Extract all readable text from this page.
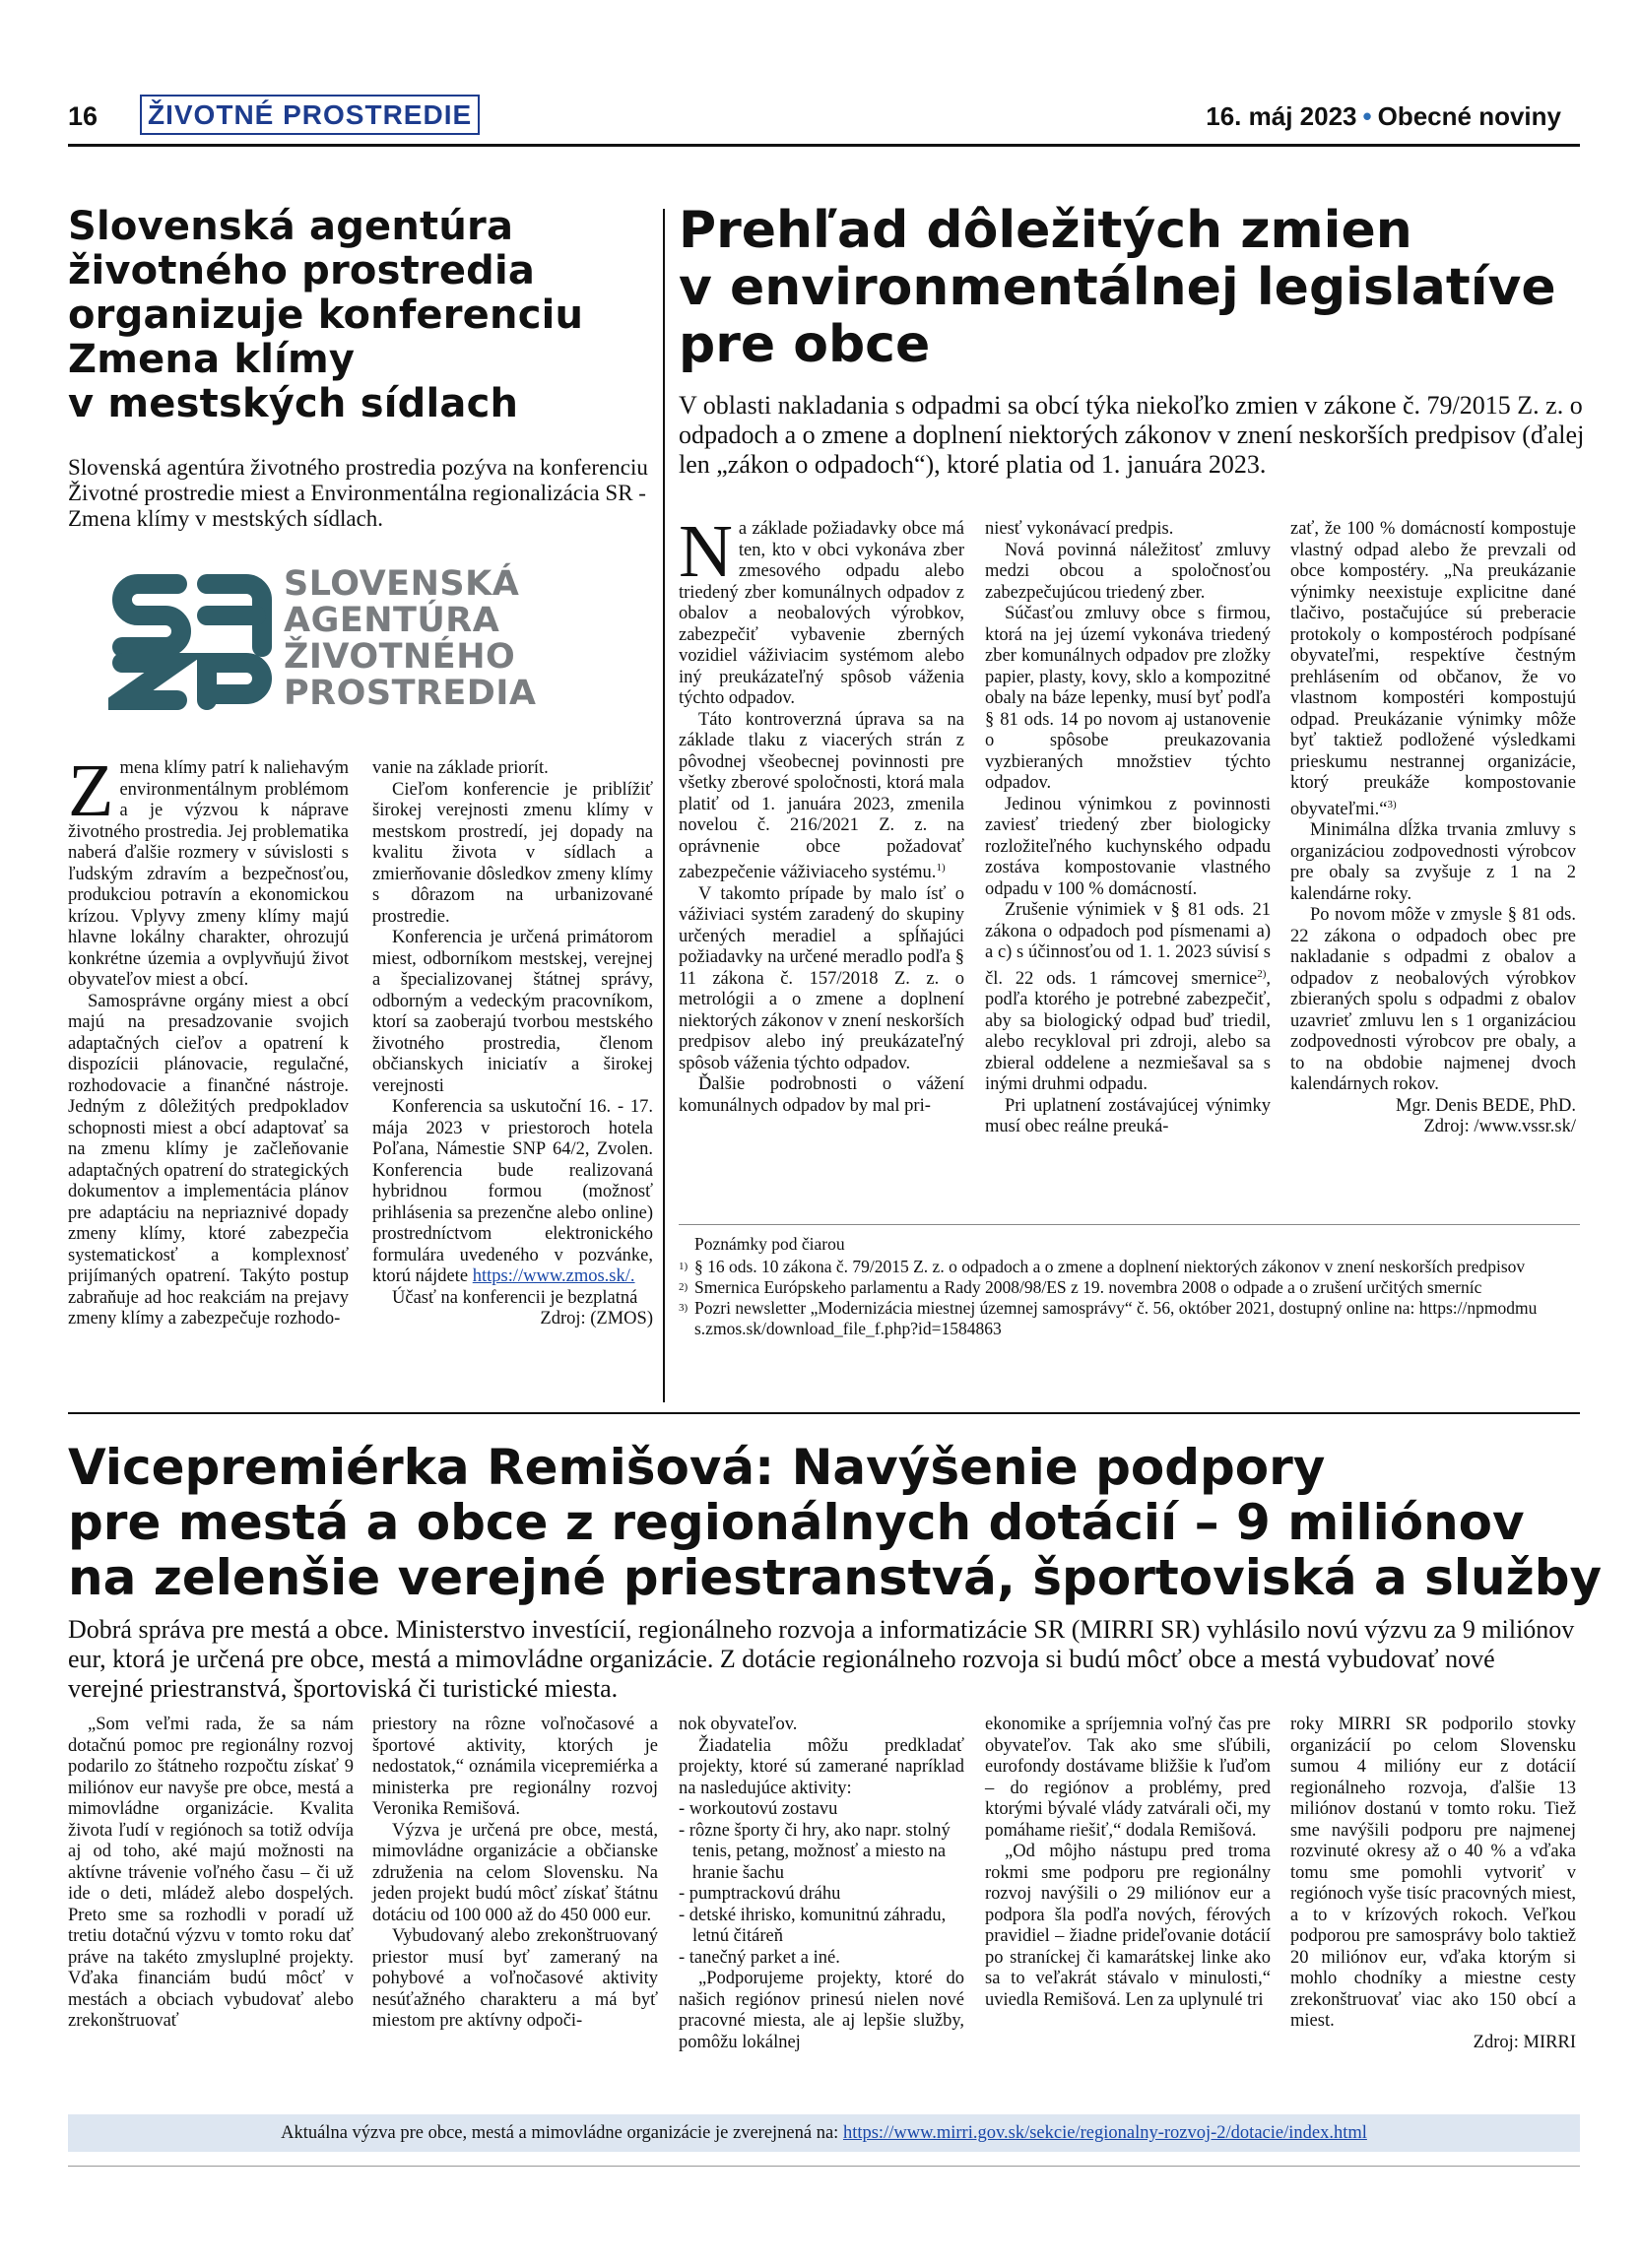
16 ŽIVOTNÉ PROSTREDIE	16. máj 2023 • Obecné noviny
Slovenská agentúra
životného prostredia
organizuje konferenciu
Zmena klímy
v mestských sídlach
Slovenská agentúra životného prostredia pozýva na konferenciu Životné prostredie miest a Environmentálna regionalizácia SR - Zmena klímy v mestských sídlach.
SLOVENSKÁ
AGENTÚRA
ŽIVOTNÉHO
PROSTREDIA

Zmena klímy patrí k naliehavým environmentálnym problémom a je výzvou k náprave životného prostredia. Jej problematika naberá ďalšie rozmery v súvislosti s ľudským zdravím a bezpečnosťou, produkciou potravín a ekonomickou krízou. Vplyvy zmeny klímy majú hlavne lokálny charakter, ohrozujú konkrétne územia a ovplyvňujú život obyvateľov miest a obcí.

Samosprávne orgány miest a obcí majú na presadzovanie svojich adaptačných cieľov a opatrení k dispozícii plánovacie, regulačné, rozhodovacie a finančné nástroje. Jedným z dôležitých predpokladov schopnosti miest a obcí adaptovať sa na zmenu klímy je začleňovanie adaptačných opatrení do strategických dokumentov a implementácia plánov pre adaptáciu na nepriaznivé dopady zmeny klímy, ktoré zabezpečia systematickosť a komplexnosť prijímaných opatrení. Takýto postup zabraňuje ad hoc reakciám na prejavy zmeny klímy a zabezpečuje rozhodo-

vanie na základe priorít.

Cieľom konferencie je priblížiť širokej verejnosti zmenu klímy v mestskom prostredí, jej dopady na kvalitu života v sídlach a zmierňovanie dôsledkov zmeny klímy s dôrazom na urbanizované prostredie.

Konferencia je určená primátorom miest, odborníkom mestskej, verejnej a špecializovanej štátnej správy, odborným a vedeckým pracovníkom, ktorí sa zaoberajú tvorbou mestského životného prostredia, členom občianskych iniciatív a širokej verejnosti

Konferencia sa uskutoční 16. - 17. mája 2023 v priestoroch hotela Poľana, Námestie SNP 64/2, Zvolen. Konferencia bude realizovaná hybridnou formou (možnosť prihlásenia sa prezenčne alebo online) prostredníctvom elektronického formulára uvedeného v pozvánke, ktorú nájdete https://www.zmos.sk/.

Účasť na konferencii je bezplatná

Zdroj: (ZMOS)

Prehľad dôležitých zmien
v environmentálnej legislatíve
pre obce
V oblasti nakladania s odpadmi sa obcí týka niekoľko zmien v zákone č. 79/2015 Z. z. o odpadoch a o zmene a doplnení niektorých zákonov v znení neskorších predpisov (ďalej len „zákon o odpadoch“), ktoré platia od 1. januára 2023.

Na základe požiadavky obce má ten, kto v obci vykonáva zber zmesového odpadu alebo triedený zber komunálnych odpadov z obalov a neobalových výrobkov, zabezpečiť vybavenie zberných vozidiel váživiacim systémom alebo iný preukázateľný spôsob váženia týchto odpadov.

Táto kontroverzná úprava sa na základe tlaku z viacerých strán z pôvodnej všeobecnej povinnosti pre všetky zberové spoločnosti, ktorá mala platiť od 1. januára 2023, zmenila novelou č. 216/2021 Z. z. na oprávnenie obce požadovať zabezpečenie váživiaceho systému.$^{1)}$

V takomto prípade by malo ísť o váživiaci systém zaradený do skupiny určených meradiel a spĺňajúci požiadavky na určené meradlo podľa § 11 zákona č. 157/2018 Z. z. o metrológii a o zmene a doplnení niektorých zákonov v znení neskorších predpisov alebo iný preukázateľný spôsob váženia týchto odpadov.

Ďalšie podrobnosti o vážení komunálnych odpadov by mal pri-

niesť vykonávací predpis.

Nová povinná náležitosť zmluvy medzi obcou a spoločnosťou zabezpečujúcou triedený zber.

Súčasťou zmluvy obce s firmou, ktorá na jej území vykonáva triedený zber komunálnych odpadov pre zložky papier, plasty, kovy, sklo a kompozitné obaly na báze lepenky, musí byť podľa § 81 ods. 14 po novom aj ustanovenie o spôsobe preukazovania vyzbieraných množstiev týchto odpadov.

Jedinou výnimkou z povinnosti zaviesť triedený zber biologicky rozložiteľného kuchynského odpadu zostáva kompostovanie vlastného odpadu v 100 % domácností.

Zrušenie výnimiek v § 81 ods. 21 zákona o odpadoch pod písmenami a) a c) s účinnosťou od 1. 1. 2023 súvisí s čl. 22 ods. 1 rámcovej smernice$^{2)}$, podľa ktorého je potrebné zabezpečiť, aby sa biologický odpad buď triedil, alebo recykloval pri zdroji, alebo sa zbieral oddelene a nezmiešaval sa s inými druhmi odpadu.

Pri uplatnení zostávajúcej výnimky musí obec reálne preuká-

zať, že 100 % domácností kompostuje vlastný odpad alebo že prevzali od obce kompostéry. „Na preukázanie výnimky neexistuje explicitne dané tlačivo, postačujúce sú preberacie protokoly o kompostéroch podpísané obyvateľmi, respektíve čestným prehlásením od občanov, že vo vlastnom kompostéri kompostujú odpad. Preukázanie výnimky môže byť taktiež podložené výsledkami prieskumu nestrannej organizácie, ktorý preukáže kompostovanie obyvateľmi.“$^{3)}$

Minimálna dĺžka trvania zmluvy s organizáciou zodpovednosti výrobcov pre obaly sa zvyšuje z 1 na 2 kalendárne roky.

Po novom môže v zmysle § 81 ods. 22 zákona o odpadoch obec pre nakladanie s odpadmi z obalov a odpadov z neobalových výrobkov zbieraných spolu s odpadmi z obalov uzavrieť zmluvu len s 1 organizáciou zodpovednosti výrobcov pre obaly, a to na obdobie najmenej dvoch kalendárnych rokov.

Mgr. Denis BEDE, PhD.

Zdroj: /www.vssr.sk/

Poznámky pod čiarou
1) § 16 ods. 10 zákona č. 79/2015 Z. z. o odpadoch a o zmene a doplnení niektorých zákonov v znení neskorších predpisov
2) Smernica Európskeho parlamentu a Rady 2008/98/ES z 19. novembra 2008 o odpade a o zrušení určitých smerníc
3) Pozri newsletter „Modernizácia miestnej územnej samosprávy“ č. 56, október 2021, dostupný online na: https://npmodmu s.zmos.sk/download_file_f.php?id=1584863
Vicepremiérka Remišová: Navýšenie podpory
pre mestá a obce z regionálnych dotácií – 9 miliónov
na zelenšie verejné priestranstvá, športoviská a služby
Dobrá správa pre mestá a obce. Ministerstvo investícií, regionálneho rozvoja a informatizácie SR (MIRRI SR) vyhlásilo novú výzvu za 9 miliónov eur, ktorá je určená pre obce, mestá a mimovládne organizácie. Z dotácie regionálneho rozvoja si budú môcť obce a mestá vybudovať nové verejné priestranstvá, športoviská či turistické miesta.

„Som veľmi rada, že sa nám dotačnú pomoc pre regionálny rozvoj podarilo zo štátneho rozpočtu získať 9 miliónov eur navyše pre obce, mestá a mimovládne organizácie. Kvalita života ľudí v regiónoch sa totiž odvíja aj od toho, aké majú možnosti na aktívne trávenie voľného času – či už ide o deti, mládež alebo dospelých. Preto sme sa rozhodli v poradí už tretiu dotačnú výzvu v tomto roku dať práve na takéto zmysluplné projekty. Vďaka financiám budú môcť v mestách a obciach vybudovať alebo zrekonštruovať

priestory na rôzne voľnočasové a športové aktivity, ktorých je nedostatok,“ oznámila vicepremiérka a ministerka pre regionálny rozvoj Veronika Remišová.

Výzva je určená pre obce, mestá, mimovládne organizácie a občianske združenia na celom Slovensku. Na jeden projekt budú môcť získať štátnu dotáciu od 100 000 až do 450 000 eur.

Vybudovaný alebo zrekonštruovaný priestor musí byť zameraný na pohybové a voľnočasové aktivity nesúťažného charakteru a má byť miestom pre aktívny odpoči-

nok obyvateľov.

Žiadatelia môžu predkladať projekty, ktoré sú zamerané napríklad na nasledujúce aktivity:

- workoutovú zostavu
- rôzne športy či hry, ako napr. stolný tenis, petang, možnosť a miesto na hranie šachu
- pumptrackovú dráhu
- detské ihrisko, komunitnú záhradu, letnú čitáreň
- tanečný parket a iné.

„Podporujeme projekty, ktoré do našich regiónov prinesú nielen nové pracovné miesta, ale aj lepšie služby, pomôžu lokálnej

ekonomike a spríjemnia voľný čas pre obyvateľov. Tak ako sme sľúbili, eurofondy dostávame bližšie k ľuďom – do regiónov a problémy, pred ktorými bývalé vlády zatvárali oči, my pomáhame riešiť,“ dodala Remišová.

„Od môjho nástupu pred troma rokmi sme podporu pre regionálny rozvoj navýšili o 29 miliónov eur a podpora šla podľa nových, férových pravidiel – žiadne prideľovanie dotácií po straníckej či kamarátskej linke ako sa to veľakrát stávalo v minulosti,“ uviedla Remišová. Len za uplynulé tri

roky MIRRI SR podporilo stovky organizácií po celom Slovensku sumou 4 milióny eur z dotácií regionálneho rozvoja, ďalšie 13 miliónov dostanú v tomto roku. Tiež sme navýšili podporu pre najmenej rozvinuté okresy až o 40 % a vďaka tomu sme pomohli vytvoriť v regiónoch vyše tisíc pracovných miest, a to v krízových rokoch. Veľkou podporou pre samosprávy bolo taktiež 20 miliónov eur, vďaka ktorým si mohlo chodníky a miestne cesty zrekonštruovať viac ako 150 obcí a miest.

Zdroj: MIRRI

Aktuálna výzva pre obce, mestá a mimovládne organizácie je zverejnená na: https://www.mirri.gov.sk/sekcie/regionalny-rozvoj-2/dotacie/index.html
